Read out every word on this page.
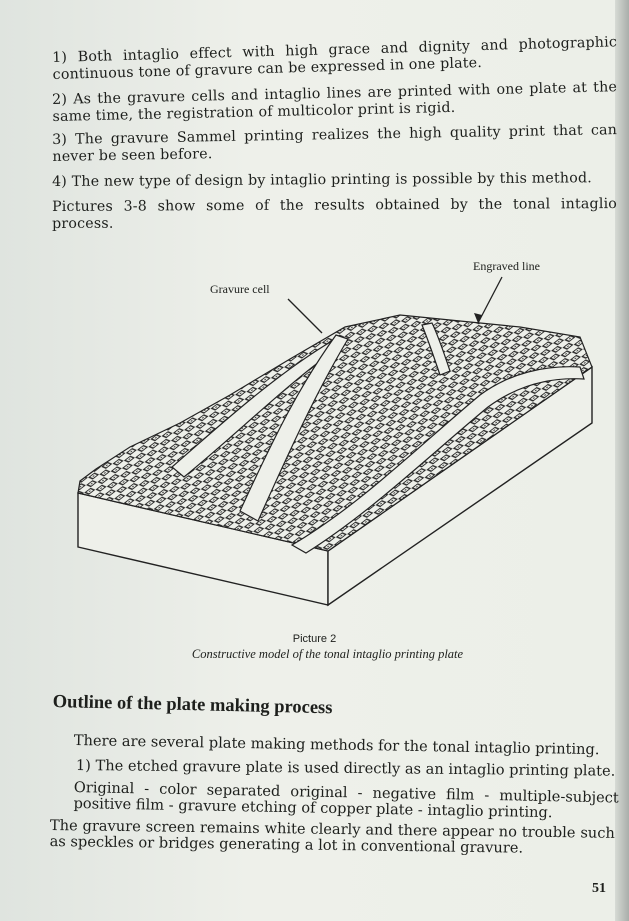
1) Both intaglio effect with high grace and dignity and photographic continuous tone of gravure can be expressed in one plate.
2) As the gravure cells and intaglio lines are printed with one plate at the same time, the registration of multicolor print is rigid.
3) The gravure Sammel printing realizes the high quality print that can never be seen before.
4) The new type of design by intaglio printing is possible by this method.
Pictures 3-8 show some of the results obtained by the tonal intaglio process.
Gravure cell
Engraved line
Picture 2
Constructive model of the tonal intaglio printing plate
Outline of the plate making process
There are several plate making methods for the tonal intaglio printing.
1) The etched gravure plate is used directly as an intaglio printing plate.
Original - color separated original - negative film - multiple-subject positive film - gravure etching of copper plate - intaglio printing.
The gravure screen remains white clearly and there appear no trouble such as speckles or bridges generating a lot in conventional gravure.
51
